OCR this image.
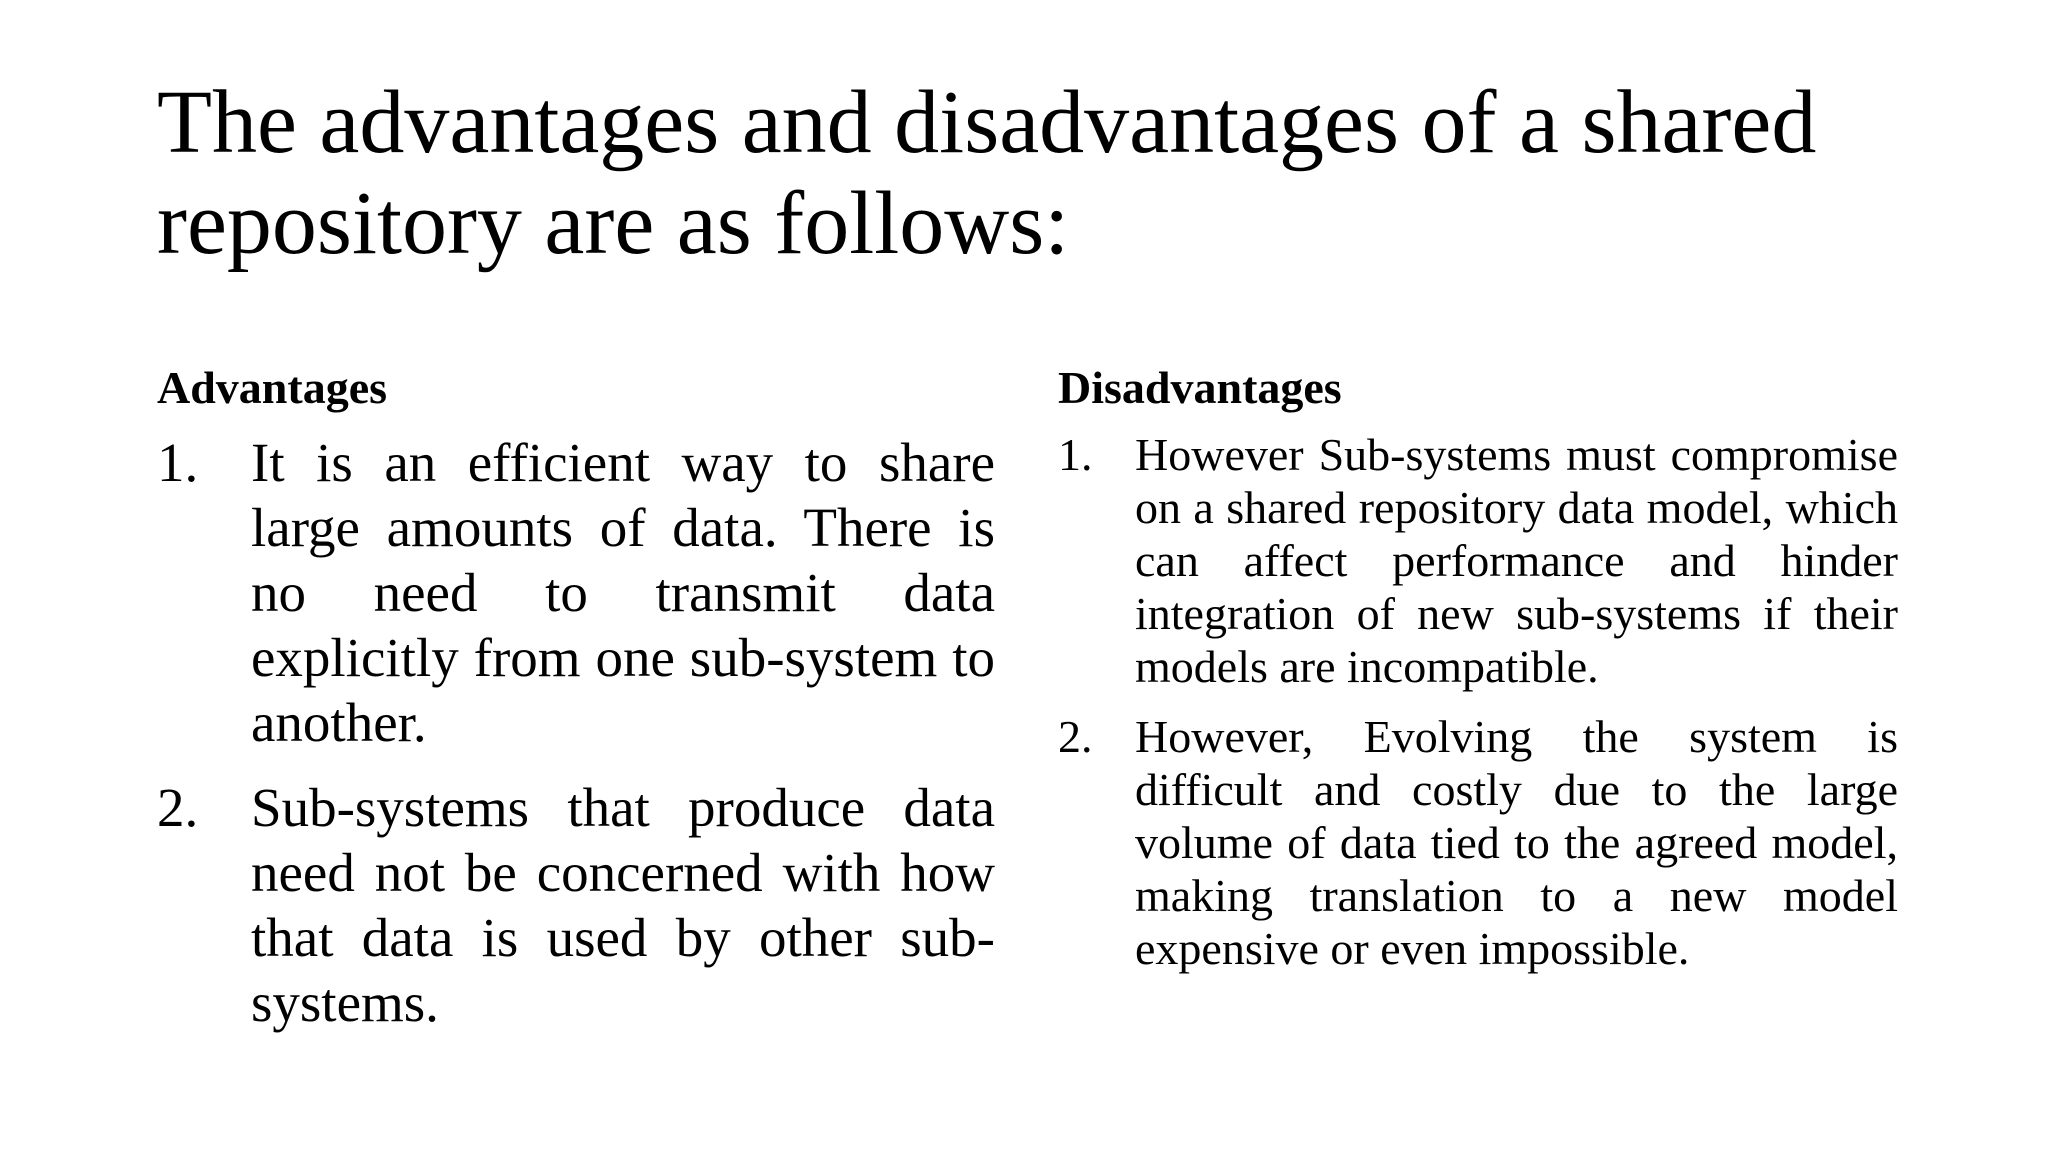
The advantages and disadvantages of a shared repository are as follows:
Advantages
1. It is an efficient way to share large amounts of data. There is no need to transmit data explicitly from one sub-system to another.
2. Sub-systems that produce data need not be concerned with how that data is used by other sub-systems.
Disadvantages
1. However Sub-systems must compromise on a shared repository data model, which can affect performance and hinder integration of new sub-systems if their models are incompatible.
2. However, Evolving the system is difficult and costly due to the large volume of data tied to the agreed model, making translation to a new model expensive or even impossible.
